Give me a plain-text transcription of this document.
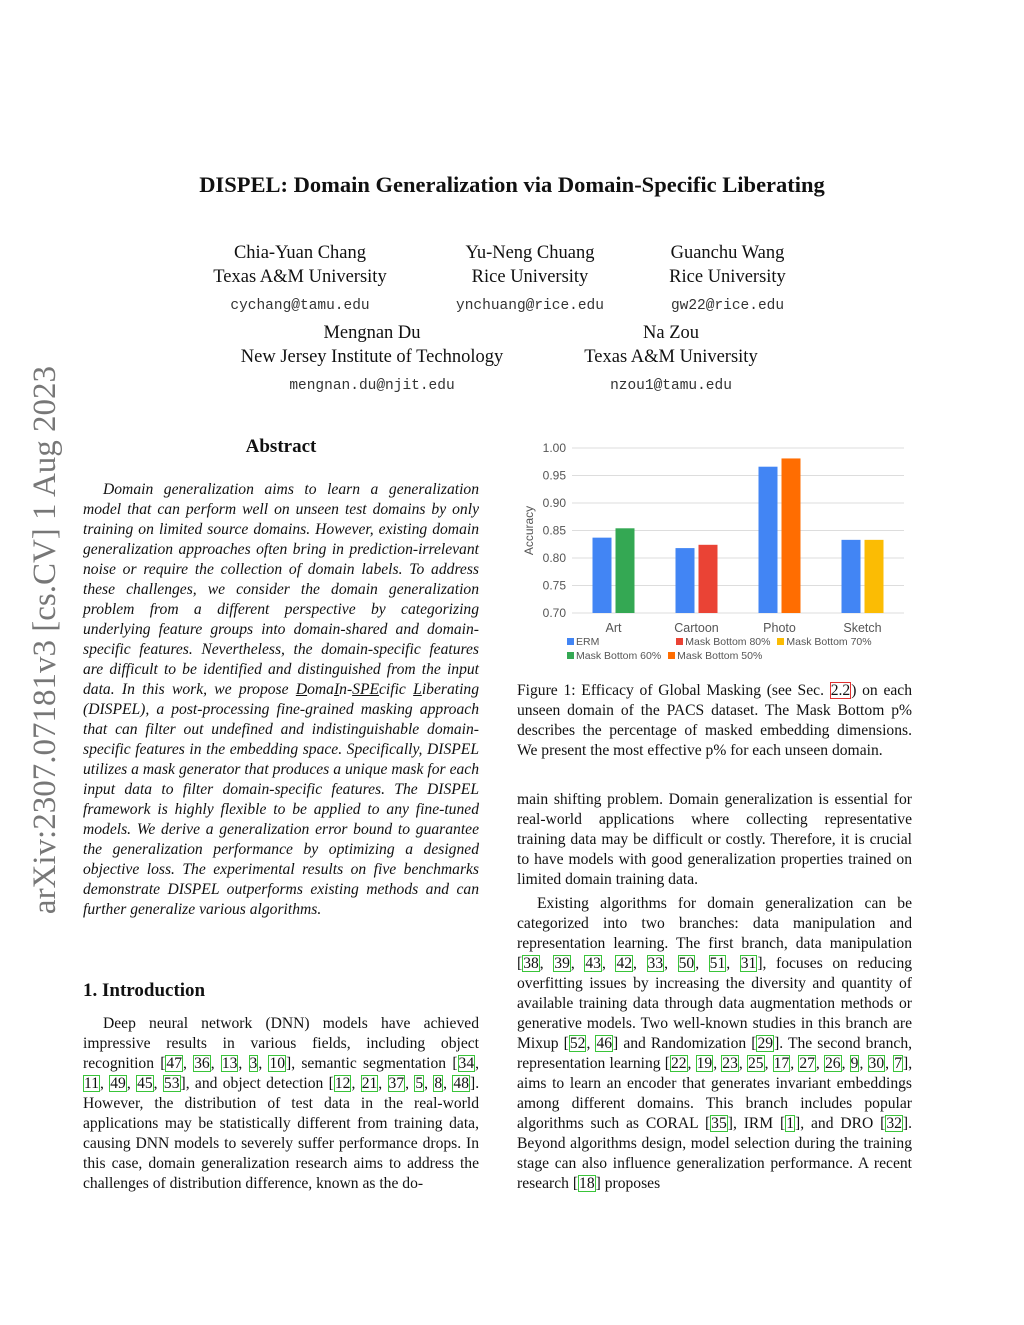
arXiv:2307.07181v3 [cs.CV] 1 Aug 2023
DISPEL: Domain Generalization via Domain-Specific Liberating
Chia-Yuan Chang
Texas A&M University
cychang@tamu.edu
Yu-Neng Chuang
Rice University
ynchuang@rice.edu
Guanchu Wang
Rice University
gw22@rice.edu
Mengnan Du
New Jersey Institute of Technology
mengnan.du@njit.edu
Na Zou
Texas A&M University
nzou1@tamu.edu
Abstract

Domain generalization aims to learn a generalization model that can perform well on unseen test domains by only training on limited source domains. However, existing domain generalization approaches often bring in prediction-irrelevant noise or require the collection of domain labels. To address these challenges, we consider the domain generalization problem from a different perspective by categorizing underlying feature groups into domain-shared and domain-specific features. Nevertheless, the domain-specific features are difficult to be identified and distinguished from the input data. In this work, we propose DomaIn-SPEcific Liberating (DISPEL), a post-processing fine-grained masking approach that can filter out undefined and indistinguishable domain-specific features in the embedding space. Specifically, DISPEL utilizes a mask generator that produces a unique mask for each input data to filter domain-specific features. The DISPEL framework is highly flexible to be applied to any fine-tuned models. We derive a generalization error bound to guarantee the generalization performance by optimizing a designed objective loss. The experimental results on five benchmarks demonstrate DISPEL outperforms existing methods and can further generalize various algorithms.

1. Introduction

Deep neural network (DNN) models have achieved impressive results in various fields, including object recognition [47, 36, 13, 3, 10], semantic segmentation [34, 11, 49, 45, 53], and object detection [12, 21, 37, 5, 8, 48]. However, the distribution of test data in the real-world applications may be statistically different from training data, causing DNN models to severely suffer performance drops. In this case, domain generalization research aims to address the challenges of distribution difference, known as the do-

0.70
0.75
0.80
0.85
0.90
0.95
1.00
Accuracy
Art	Cartoon	Photo	Sketch
ERM	Mask Bottom 80% Mask Bottom 70%
Mask Bottom 60% Mask Bottom 50%
Figure 1: Efficacy of Global Masking (see Sec. 2.2) on each unseen domain of the PACS dataset. The Mask Bottom p% describes the percentage of masked embedding dimensions. We present the most effective p% for each unseen domain.

main shifting problem. Domain generalization is essential for real-world applications where collecting representative training data may be difficult or costly. Therefore, it is crucial to have models with good generalization properties trained on limited domain training data.

Existing algorithms for domain generalization can be categorized into two branches: data manipulation and representation learning. The first branch, data manipulation [38, 39, 43, 42, 33, 50, 51, 31], focuses on reducing overfitting issues by increasing the diversity and quantity of available training data through data augmentation methods or generative models. Two well-known studies in this branch are Mixup [52, 46] and Randomization [29]. The second branch, representation learning [22, 19, 23, 25, 17, 27, 26, 9, 30, 7], aims to learn an encoder that generates invariant embeddings among different domains. This branch includes popular algorithms such as CORAL [35], IRM [1], and DRO [32]. Beyond algorithms design, model selection during the training stage can also influence generalization performance. A recent research [18] proposes
